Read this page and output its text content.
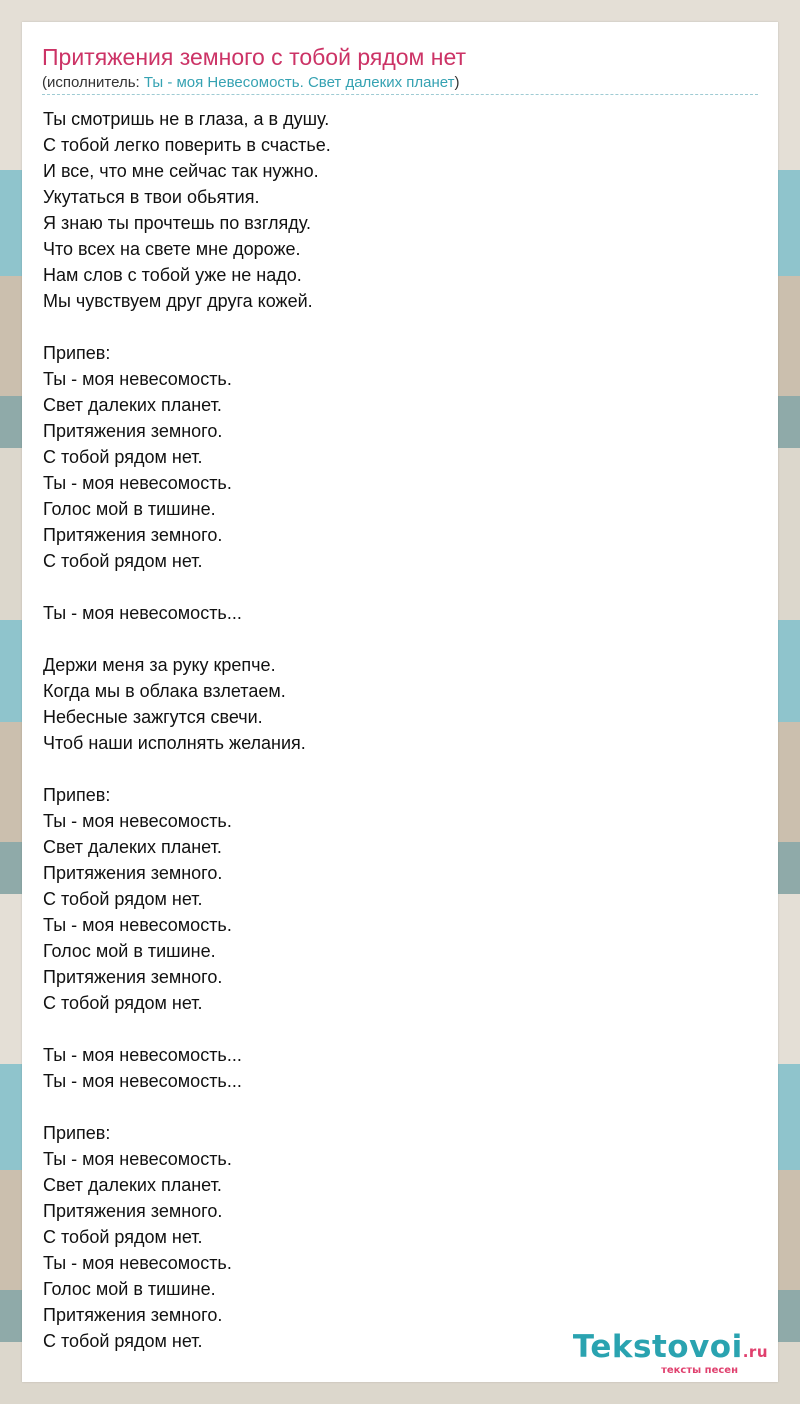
Притяжения земного с тобой рядом нет
(исполнитель: Ты - моя Невесомость. Свет далеких планет)
Ты смотришь не в глаза, а в душу.
С тобой легко поверить в счастье.
И все, что мне сейчас так нужно.
Укутаться в твои обьятия.
Я знаю ты прочтешь по взгляду.
Что всех на свете мне дороже.
Нам слов с тобой уже не надо.
Мы чувствуем друг друга кожей.

Припев:
Ты - моя невесомость.
Свет далеких планет.
Притяжения земного.
С тобой рядом нет.
Ты - моя невесомость.
Голос мой в тишине.
Притяжения земного.
С тобой рядом нет.

Ты - моя невесомость...

Держи меня за руку крепче.
Когда мы в облака взлетаем.
Небесные зажгутся свечи.
Чтоб наши исполнять желания.

Припев:
Ты - моя невесомость.
Свет далеких планет.
Притяжения земного.
С тобой рядом нет.
Ты - моя невесомость.
Голос мой в тишине.
Притяжения земного.
С тобой рядом нет.

Ты - моя невесомость...
Ты - моя невесомость...

Припев:
Ты - моя невесомость.
Свет далеких планет.
Притяжения земного.
С тобой рядом нет.
Ты - моя невесомость.
Голос мой в тишине.
Притяжения земного.
С тобой рядом нет.	Tekstovoi.ru
тексты песен
